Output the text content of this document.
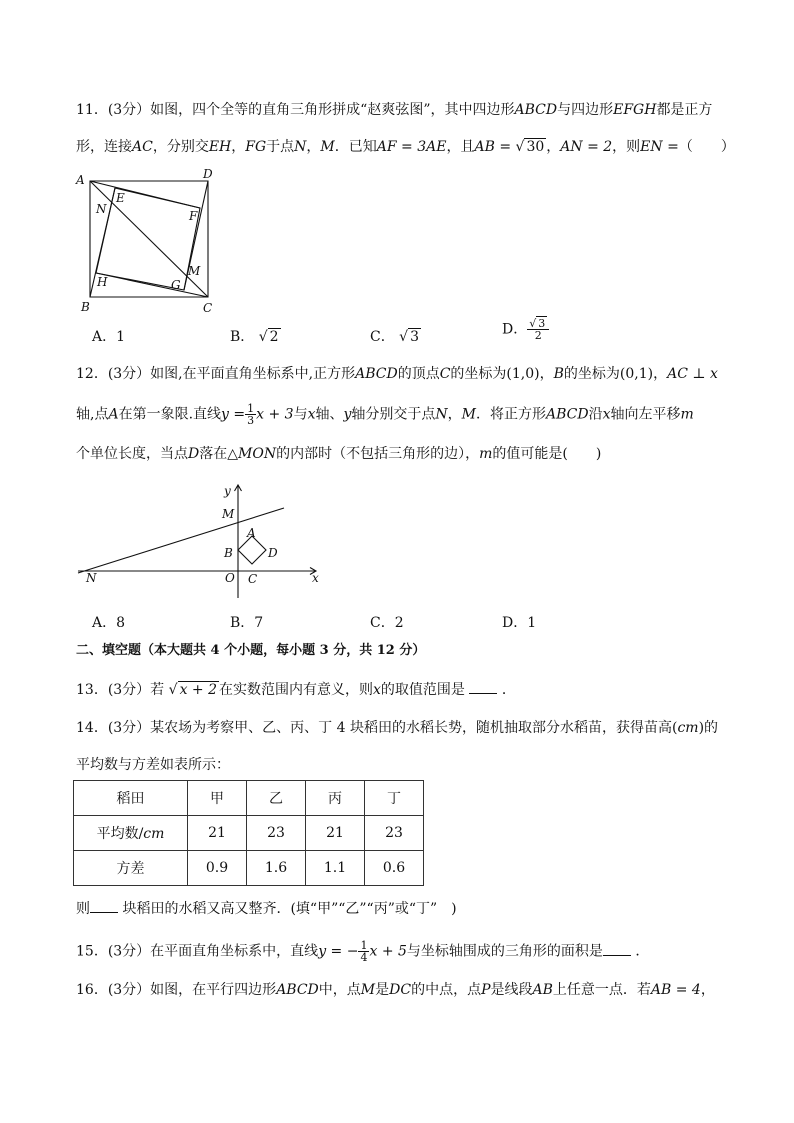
11．(3分）如图，四个全等的直角三角形拼成“赵爽弦图”，其中四边形ABCD与四边形EFGH都是正方
形，连接AC，分别交EH，FG于点N，M．已知AF = 3AE，且AB = √ 30 ，AN = 2，则EN =（　　）
A
B	C
D
E
F
G
H
N
M
A．1	B． √ 2	C． √ 3	D． $\frac{√ 3}{2}$
12．(3分）如图,在平面直角坐标系中,正方形ABCD的顶点C的坐标为(1,0)，B的坐标为(0,1)，AC ⊥ x
轴,点A在第一象限.直线$y = \frac{1}{3}$ x + 3与x轴、y轴分别交于点N，M．将正方形ABCD沿x轴向左平移m
个单位长度，当点D落在△MON的内部时（不包括三角形的边），m的值可能是(　　)
y
M
A
B	D
N	O C	x
A．8	B．7	C．2	D．1
二、填空题（本大题共 4 个小题，每小题 3 分，共 12 分）
13．(3分）若 √ x + 2 在实数范围内有意义，则x的取值范围是	．
14．(3分）某农场为考察甲、乙、丙、丁 4 块稻田的水稻长势，随机抽取部分水稻苗，获得苗高(cm)的
平均数与方差如表所示：
稻田	甲	乙	丙	丁
平均数/cm	21	23	21	23
方差	0.9	1.6	1.1	0.6
则 块稻田的水稻又高又整齐．(填“甲”“乙”“丙”或“丁”　)
15．(3分）在平面直角坐标系中，直线y = − $\frac{1}{4}$ x + 5与坐标轴围成的三角形的面积是 ．
16．(3分）如图，在平行四边形ABCD中，点M是DC的中点，点P是线段AB上任意一点．若AB = 4，
